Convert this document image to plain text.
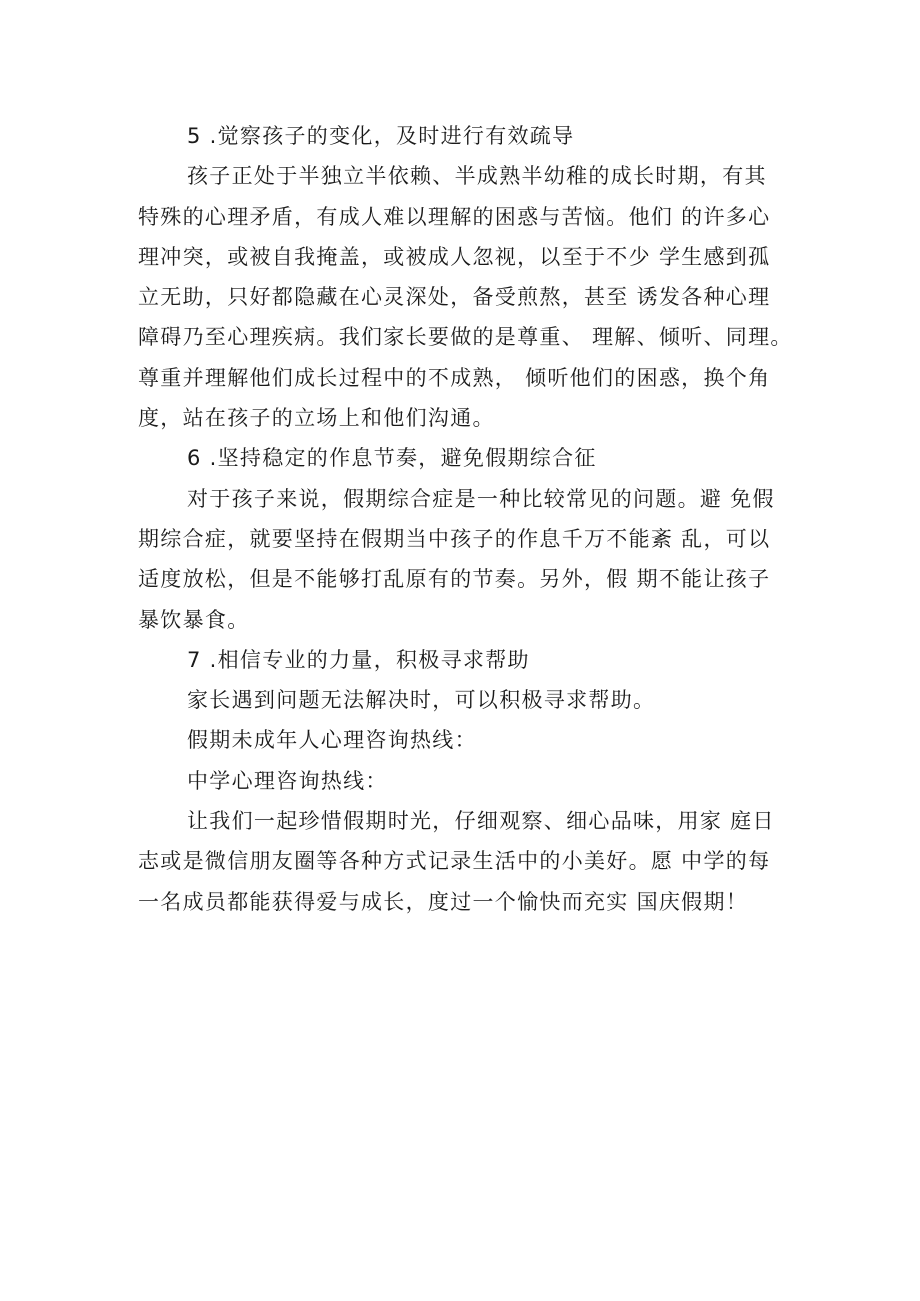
5 .觉察孩子的变化，及时进行有效疏导
孩子正处于半独立半依赖、半成熟半幼稚的成长时期，有其
特殊的心理矛盾，有成人难以理解的困惑与苦恼。他们 的许多心
理冲突，或被自我掩盖，或被成人忽视，以至于不少 学生感到孤
立无助，只好都隐藏在心灵深处，备受煎熬，甚至 诱发各种心理
障碍乃至心理疾病。我们家长要做的是尊重、 理解、倾听、同理。
尊重并理解他们成长过程中的不成熟， 倾听他们的困惑，换个角
度，站在孩子的立场上和他们沟通。
6 .坚持稳定的作息节奏，避免假期综合征
对于孩子来说，假期综合症是一种比较常见的问题。避 免假
期综合症，就要坚持在假期当中孩子的作息千万不能紊 乱，可以
适度放松，但是不能够打乱原有的节奏。另外，假 期不能让孩子
暴饮暴食。
7 .相信专业的力量，积极寻求帮助
家长遇到问题无法解决时，可以积极寻求帮助。
假期未成年人心理咨询热线：
中学心理咨询热线：
让我们一起珍惜假期时光，仔细观察、细心品味，用家 庭日
志或是微信朋友圈等各种方式记录生活中的小美好。愿 中学的每
一名成员都能获得爱与成长，度过一个愉快而充实 国庆假期！
